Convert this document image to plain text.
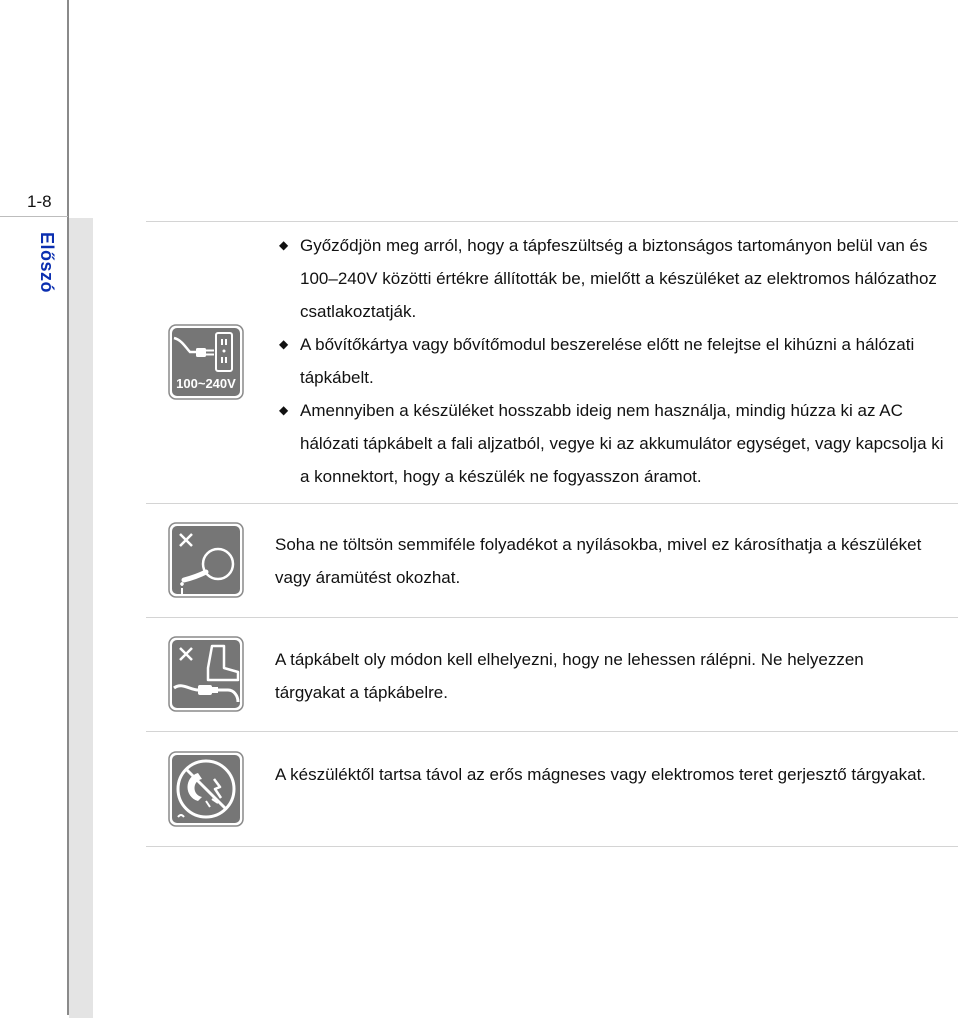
1-8
Előszó
100~240V
◆ Győződjön meg arról, hogy a tápfeszültség a biztonságos tartományon belül van és 100–240V közötti értékre állították be, mielőtt a készüléket az elektromos hálózathoz csatlakoztatják.
◆ A bővítőkártya vagy bővítőmodul beszerelése előtt ne felejtse el kihúzni a hálózati tápkábelt.
◆ Amennyiben a készüléket hosszabb ideig nem használja, mindig húzza ki az AC hálózati tápkábelt a fali aljzatból, vegye ki az akkumulátor egységet, vagy kapcsolja ki a konnektort, hogy a készülék ne fogyasszon áramot.
Soha ne töltsön semmiféle folyadékot a nyílásokba, mivel ez károsíthatja a készüléket vagy áramütést okozhat.
A tápkábelt oly módon kell elhelyezni, hogy ne lehessen rálépni. Ne helyezzen tárgyakat a tápkábelre.
A készüléktől tartsa távol az erős mágneses vagy elektromos teret gerjesztő tárgyakat.
